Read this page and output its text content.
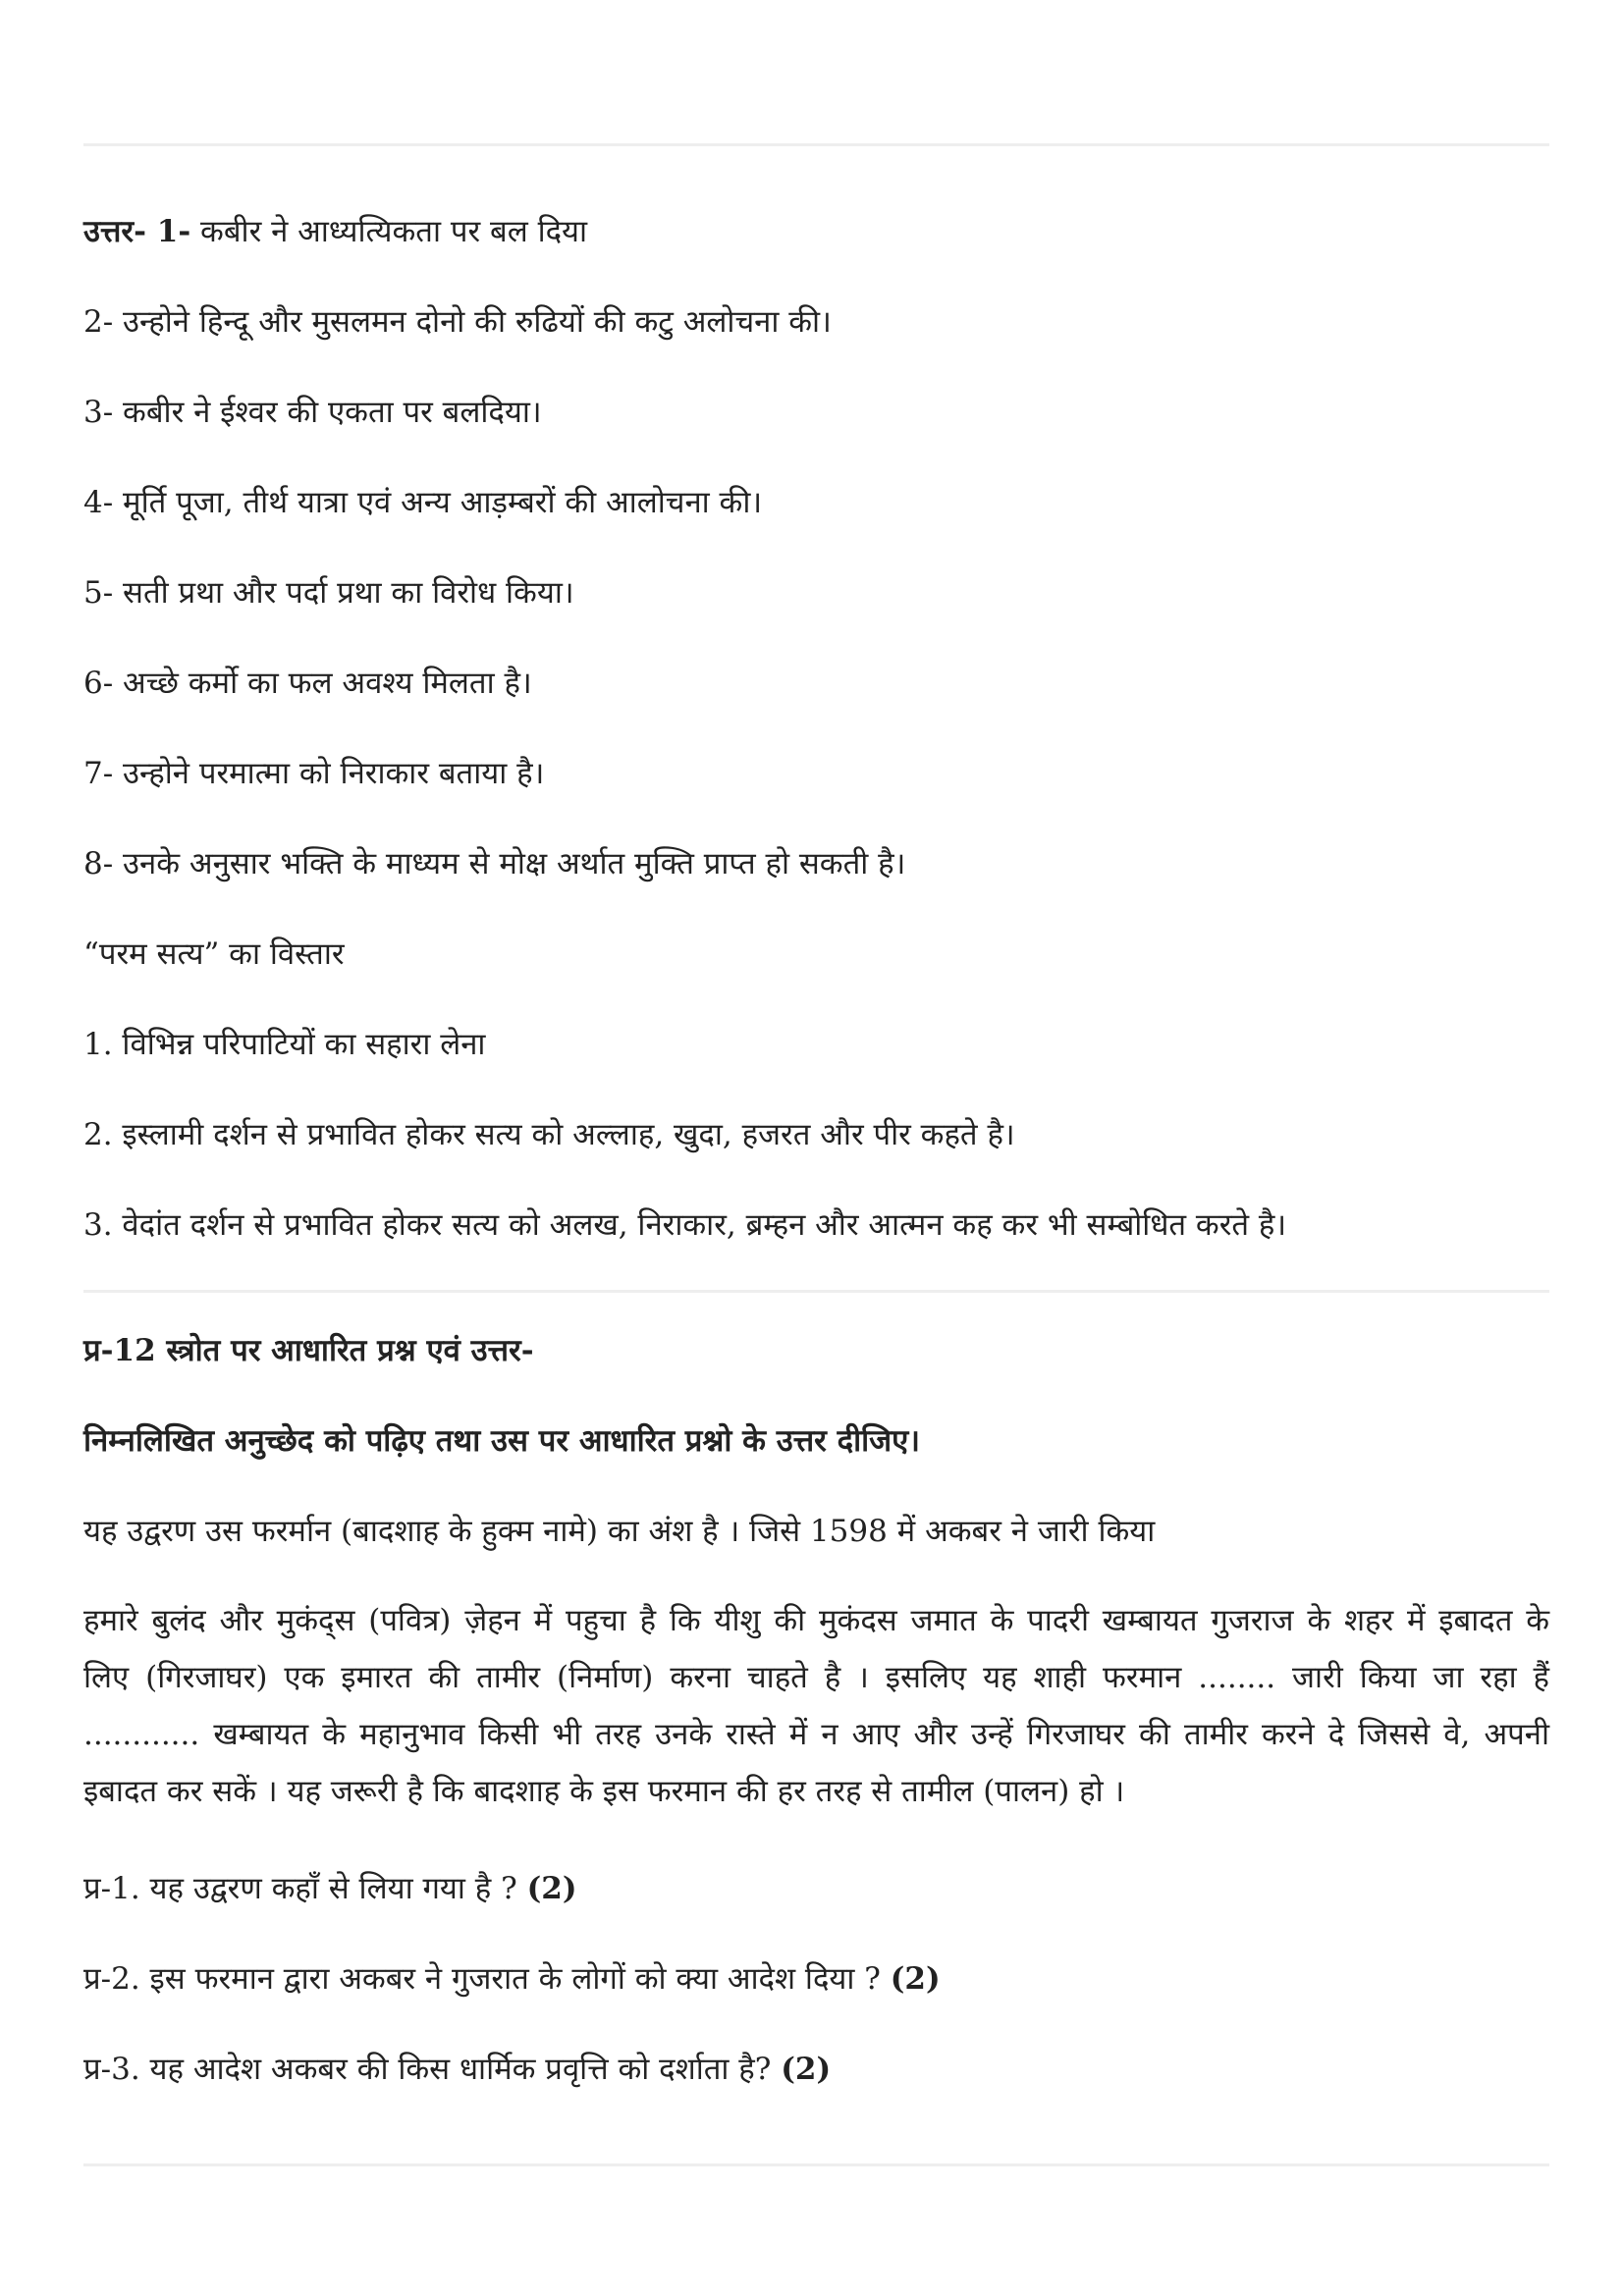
उत्तर- 1- कबीर ने आध्यत्यिकता पर बल दिया
2- उन्होने हिन्दू और मुसलमन दोनो की रुढियों की कटु अलोचना की।
3- कबीर ने ईश्वर की एकता पर बलदिया।
4- मूर्ति पूजा, तीर्थ यात्रा एवं अन्य आड़म्बरों की आलोचना की।
5- सती प्रथा और पर्दा प्रथा का विरोध किया।
6- अच्छे कर्मो का फल अवश्य मिलता है।
7- उन्होने परमात्मा को निराकार बताया है।
8- उनके अनुसार भक्ति के माध्यम से मोक्ष अर्थात मुक्ति प्राप्त हो सकती है।
“परम सत्य” का विस्तार
1. विभिन्न परिपाटियों का सहारा लेना
2. इस्लामी दर्शन से प्रभावित होकर सत्य को अल्लाह, खुदा, हजरत और पीर कहते है।
3. वेदांत दर्शन से प्रभावित होकर सत्य को अलख, निराकार, ब्रम्हन और आत्मन कह कर भी सम्बोधित करते है।
प्र-12 स्त्रोत पर आधारित प्रश्न एवं उत्तर-
निम्नलिखित अनुच्छेद को पढ़िए तथा उस पर आधारित प्रश्नो के उत्तर दीजिए।
यह उद्वरण उस फरर्मान (बादशाह के हुक्म नामे) का अंश है । जिसे 1598 में अकबर ने जारी किया
हमारे बुलंद और मुकंद्स (पवित्र) ज़ेहन में पहुचा है कि यीशु की मुकंदस जमात के पादरी खम्बायत गुजराज के शहर में इबादत के
लिए (गिरजाघर) एक इमारत की तामीर (निर्माण) करना चाहते है । इसलिए यह शाही फरमान ........ जारी किया जा रहा हैं
............ खम्बायत के महानुभाव किसी भी तरह उनके रास्ते में न आए और उन्हें गिरजाघर की तामीर करने दे जिससे वे, अपनी
इबादत कर सकें । यह जरूरी है कि बादशाह के इस फरमान की हर तरह से तामील (पालन) हो ।
प्र-1. यह उद्वरण कहाँ से लिया गया है ? (2)
प्र-2. इस फरमान द्वारा अकबर ने गुजरात के लोगों को क्या आदेश दिया ? (2)
प्र-3. यह आदेश अकबर की किस धार्मिक प्रवृत्ति को दर्शाता है? (2)
